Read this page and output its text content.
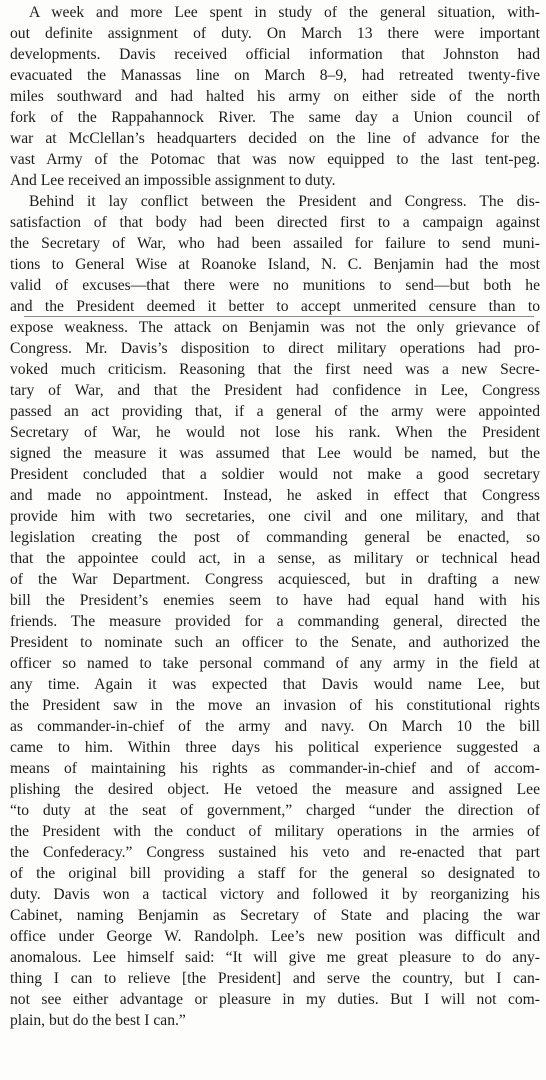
A week and more Lee spent in study of the general situation, with-
out definite assignment of duty. On March 13 there were important
developments. Davis received official information that Johnston had
evacuated the Manassas line on March 8–9, had retreated twenty-five
miles southward and had halted his army on either side of the north
fork of the Rappahannock River. The same day a Union council of
war at McClellan’s headquarters decided on the line of advance for the
vast Army of the Potomac that was now equipped to the last tent-peg.
And Lee received an impossible assignment to duty.
Behind it lay conflict between the President and Congress. The dis-
satisfaction of that body had been directed first to a campaign against
the Secretary of War, who had been assailed for failure to send muni-
tions to General Wise at Roanoke Island, N. C. Benjamin had the most
valid of excuses—that there were no munitions to send—but both he
and the President deemed it better to accept unmerited censure than to
expose weakness. The attack on Benjamin was not the only grievance of
Congress. Mr. Davis’s disposition to direct military operations had pro-
voked much criticism. Reasoning that the first need was a new Secre-
tary of War, and that the President had confidence in Lee, Congress
passed an act providing that, if a general of the army were appointed
Secretary of War, he would not lose his rank. When the President
signed the measure it was assumed that Lee would be named, but the
President concluded that a soldier would not make a good secretary
and made no appointment. Instead, he asked in effect that Congress
provide him with two secretaries, one civil and one military, and that
legislation creating the post of commanding general be enacted, so
that the appointee could act, in a sense, as military or technical head
of the War Department. Congress acquiesced, but in drafting a new
bill the President’s enemies seem to have had equal hand with his
friends. The measure provided for a commanding general, directed the
President to nominate such an officer to the Senate, and authorized the
officer so named to take personal command of any army in the field at
any time. Again it was expected that Davis would name Lee, but
the President saw in the move an invasion of his constitutional rights
as commander-in-chief of the army and navy. On March 10 the bill
came to him. Within three days his political experience suggested a
means of maintaining his rights as commander-in-chief and of accom-
plishing the desired object. He vetoed the measure and assigned Lee
“to duty at the seat of government,” charged “under the direction of
the President with the conduct of military operations in the armies of
the Confederacy.” Congress sustained his veto and re-enacted that part
of the original bill providing a staff for the general so designated to
duty. Davis won a tactical victory and followed it by reorganizing his
Cabinet, naming Benjamin as Secretary of State and placing the war
office under George W. Randolph. Lee’s new position was difficult and
anomalous. Lee himself said: “It will give me great pleasure to do any-
thing I can to relieve [the President] and serve the country, but I can-
not see either advantage or pleasure in my duties. But I will not com-
plain, but do the best I can.”
